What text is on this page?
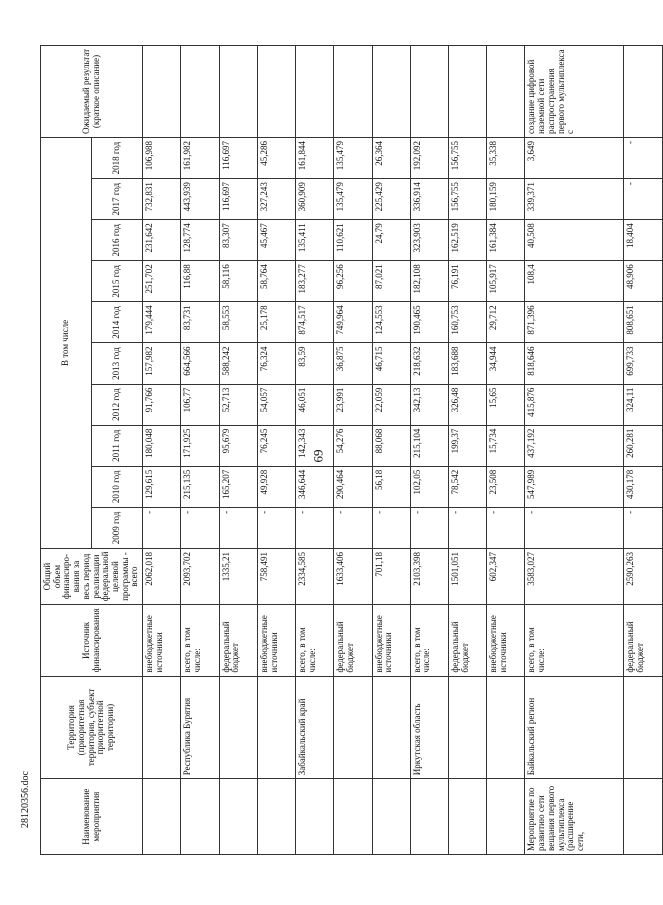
69
Наименование мероприятия	Территория (приоритетная территория, субъект приоритетной территории)	Источник финансирования	Общий объем финансиро-вания за весь период реализации федеральной целевой программы - всего	В том числе										Ожидаемый результат (краткое описание)
				2009 год	2010 год	2011 год	2012 год	2013 год	2014 год	2015 год	2016 год	2017 год	2018 год	
		внебюджетные источники	2062,018	-	129,615	180,048	91,766	157,982	179,444	251,702	231,642	732,831	106,988	
	Республика Бурятия	всего, в том числе:	2093,702	-	215,135	171,925	106,77	664,566	83,731	116,88	128,774	443,939	161,982	
		федеральный бюджет	1335,21	-	165,207	95,679	52,713	588,242	58,553	58,116	83,307	116,697	116,697	
		внебюджетные источники	758,491	-	49,928	76,245	54,057	76,324	25,178	58,764	45,467	327,243	45,286	
	Забайкальский край	всего, в том числе:	2334,585	-	346,644	142,343	46,051	83,59	874,517	183,277	135,411	360,909	161,844	
		федеральный бюджет	1633,406	-	290,464	54,276	23,991	36,875	749,964	96,256	110,621	135,479	135,479	
		внебюджетные источники	701,18	-	56,18	88,068	22,059	46,715	124,553	87,021	24,79	225,429	26,364	
	Иркутская область	всего, в том числе:	2103,398	-	102,05	215,104	342,13	218,632	190,465	182,108	323,903	336,914	192,092	
		федеральный бюджет	1501,051	-	78,542	199,37	326,48	183,688	160,753	76,191	162,519	156,755	156,755	
		внебюджетные источники	602,347	-	23,508	15,734	15,65	34,944	29,712	105,917	161,384	180,159	35,338	
Мероприятие по развитию сети вещания первого мультиплекса (расширение сети,	Байкальский регион	всего, в том числе:	3583,027	-	547,989	437,192	415,876	818,646	871,396	108,4	40,508	339,371	3,649	создание цифровой наземной сети распространения первого мультиплекса с
		федеральный бюджет	2590,263	-	430,178	260,281	324,11	699,733	808,651	48,906	18,404	-	-	
28120356.doc
